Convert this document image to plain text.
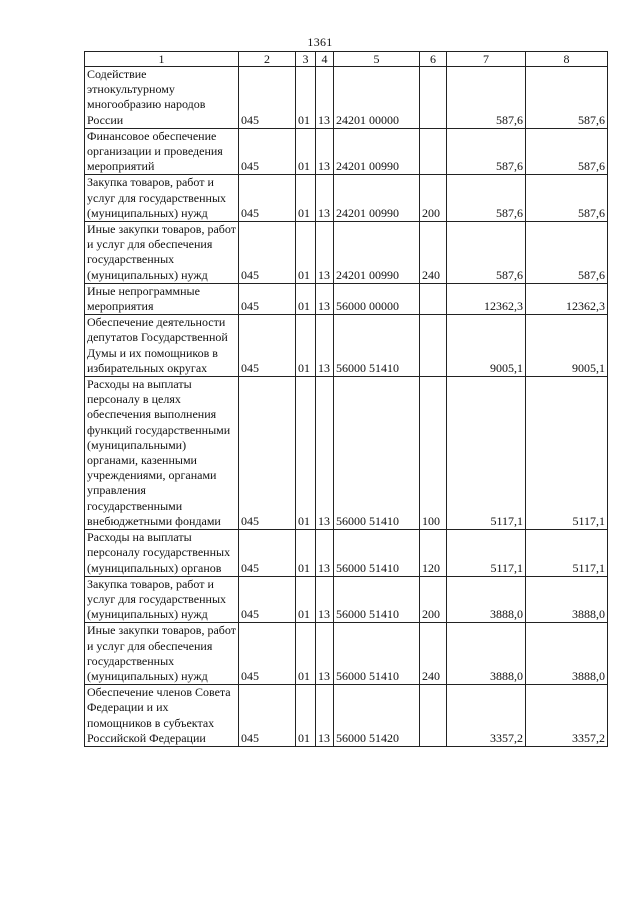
1361
1	2	3	4	5	6	7	8
Содействие этнокультурному многообразию народов России	045	01	13	24201 00000		587,6	587,6
Финансовое обеспечение организации и проведения мероприятий	045	01	13	24201 00990		587,6	587,6
Закупка товаров, работ и услуг для государственных (муниципальных) нужд	045	01	13	24201 00990	200	587,6	587,6
Иные закупки товаров, работ и услуг для обеспечения государственных (муниципальных) нужд	045	01	13	24201 00990	240	587,6	587,6
Иные непрограммные мероприятия	045	01	13	56000 00000		12362,3	12362,3
Обеспечение деятельности депутатов Государственной Думы и их помощников в избирательных округах	045	01	13	56000 51410		9005,1	9005,1
Расходы на выплаты персоналу в целях обеспечения выполнения функций государственными (муниципальными) органами, казенными учреждениями, органами управления государственными внебюджетными фондами	045	01	13	56000 51410	100	5117,1	5117,1
Расходы на выплаты персоналу государственных (муниципальных) органов	045	01	13	56000 51410	120	5117,1	5117,1
Закупка товаров, работ и услуг для государственных (муниципальных) нужд	045	01	13	56000 51410	200	3888,0	3888,0
Иные закупки товаров, работ и услуг для обеспечения государственных (муниципальных) нужд	045	01	13	56000 51410	240	3888,0	3888,0
Обеспечение членов Совета Федерации и их помощников в субъектах Российской Федерации	045	01	13	56000 51420		3357,2	3357,2
